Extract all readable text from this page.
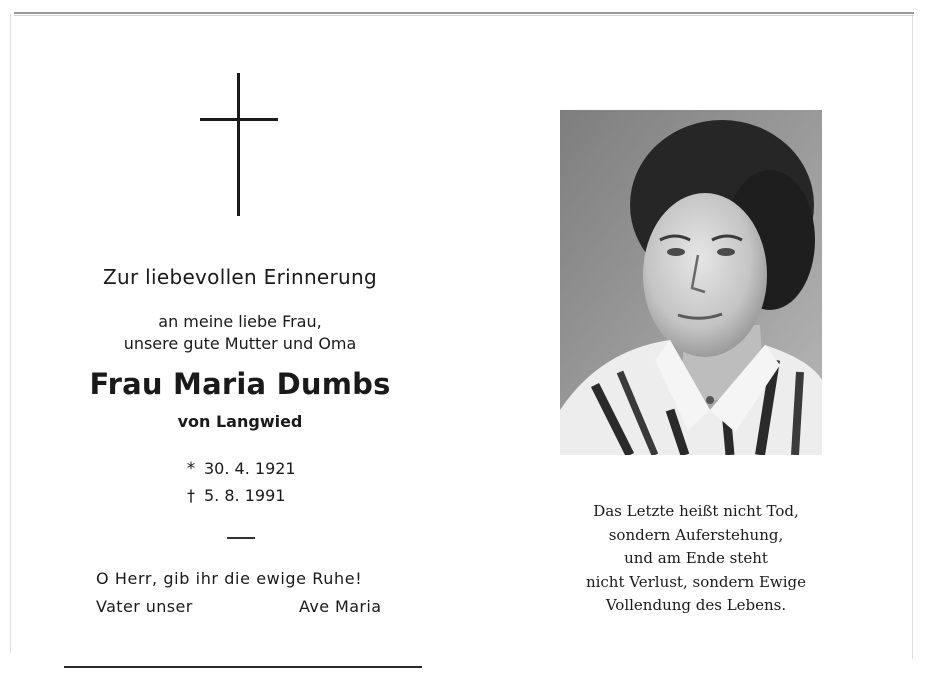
Zur liebevollen Erinnerung
an meine liebe Frau,
unsere gute Mutter und Oma
Frau Maria Dumbs
von Langwied
* 30. 4. 1921
† 5. 8. 1991
O Herr, gib ihr die ewige Ruhe!
Vater unser	Ave Maria
Das Letzte heißt nicht Tod,
sondern Auferstehung,
und am Ende steht
nicht Verlust, sondern Ewige
Vollendung des Lebens.
